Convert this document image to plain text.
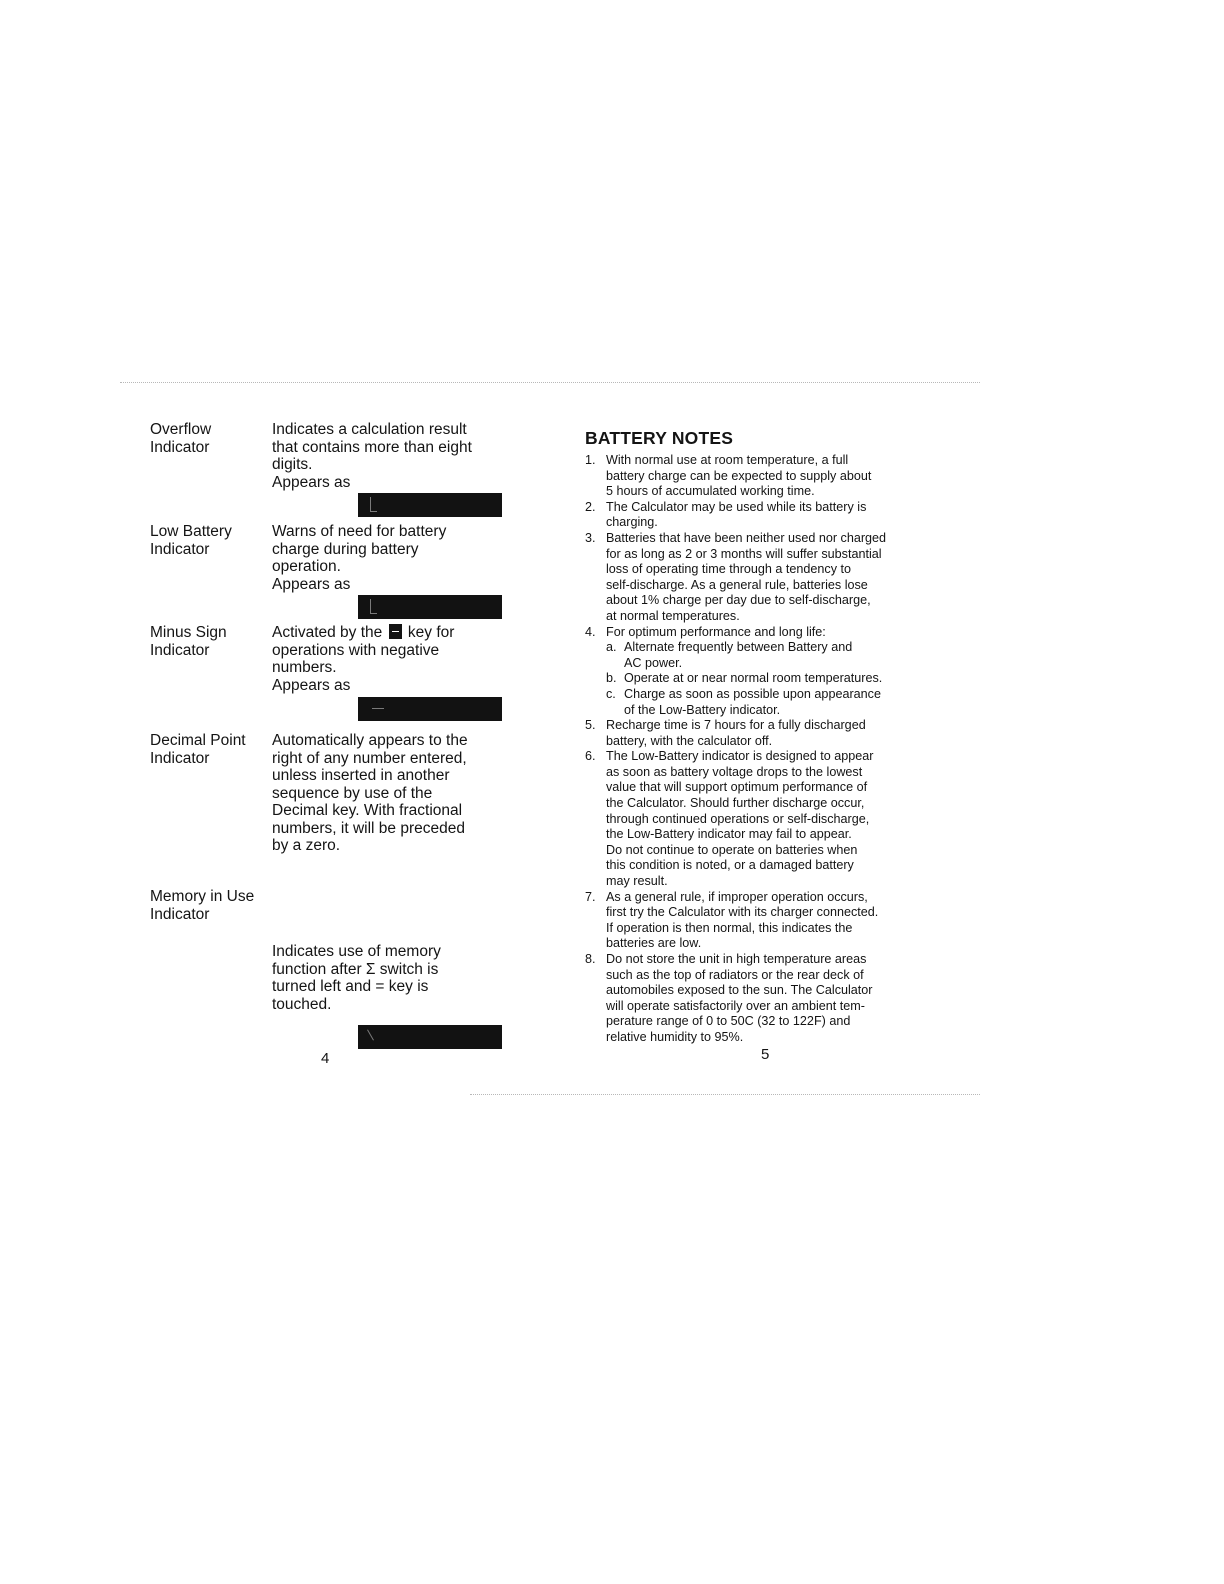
Overflow
Indicator
Indicates a calculation result
that contains more than eight
digits.
Appears as
Low Battery
Indicator
Warns of need for battery
charge during battery
operation.
Appears as
Minus Sign
Indicator
Activated by the key for
operations with negative
numbers.
Appears as
Decimal Point
Indicator
Automatically appears to the
right of any number entered,
unless inserted in another
sequence by use of the
Decimal key. With fractional
numbers, it will be preceded
by a zero.
Memory in Use
Indicator
Indicates use of memory
function after Σ switch is
turned left and = key is
touched.
4
BATTERY NOTES
1. With normal use at room temperature, a full
battery charge can be expected to supply about
5 hours of accumulated working time.
2. The Calculator may be used while its battery is
charging.
3. Batteries that have been neither used nor charged
for as long as 2 or 3 months will suffer substantial
loss of operating time through a tendency to
self-discharge. As a general rule, batteries lose
about 1% charge per day due to self-discharge,
at normal temperatures.
4. For optimum performance and long life:
a. Alternate frequently between Battery and
AC power.
b. Operate at or near normal room temperatures.
c. Charge as soon as possible upon appearance
of the Low-Battery indicator.
5. Recharge time is 7 hours for a fully discharged
battery, with the calculator off.
6. The Low-Battery indicator is designed to appear
as soon as battery voltage drops to the lowest
value that will support optimum performance of
the Calculator. Should further discharge occur,
through continued operations or self-discharge,
the Low-Battery indicator may fail to appear.
Do not continue to operate on batteries when
this condition is noted, or a damaged battery
may result.
7. As a general rule, if improper operation occurs,
first try the Calculator with its charger connected.
If operation is then normal, this indicates the
batteries are low.
8. Do not store the unit in high temperature areas
such as the top of radiators or the rear deck of
automobiles exposed to the sun. The Calculator
will operate satisfactorily over an ambient tem-
perature range of 0 to 50C (32 to 122F) and
relative humidity to 95%.
5
